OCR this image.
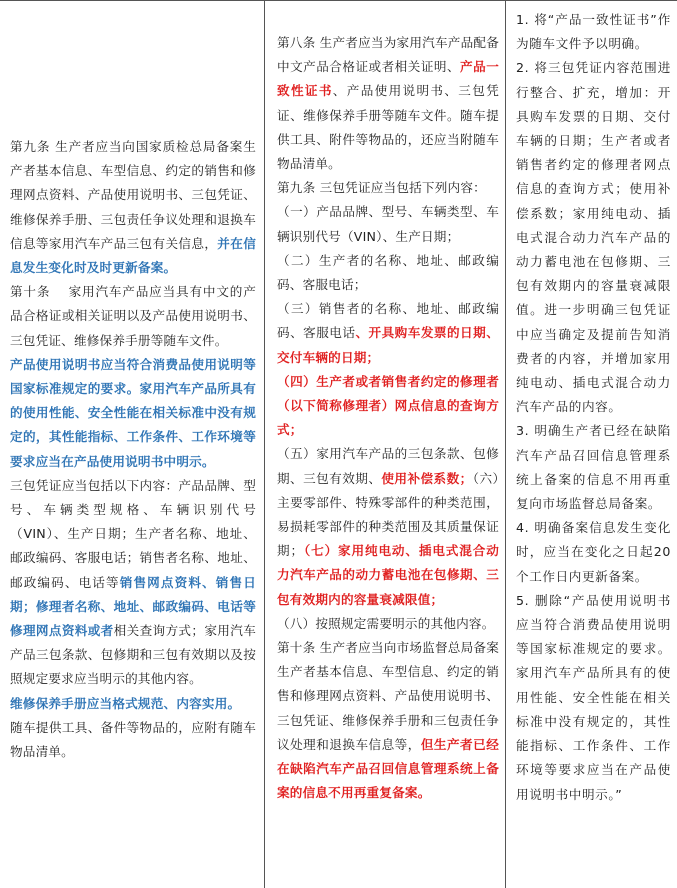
第九条 生产者应当向国家质检总局备案生产者基本信息、车型信息、约定的销售和修理网点资料、产品使用说明书、三包凭证、维修保养手册、三包责任争议处理和退换车信息等家用汽车产品三包有关信息，并在信息发生变化时及时更新备案。

第十条　 家用汽车产品应当具有中文的产品合格证或相关证明以及产品使用说明书、三包凭证、维修保养手册等随车文件。

产品使用说明书应当符合消费品使用说明等国家标准规定的要求。家用汽车产品所具有的使用性能、安全性能在相关标准中没有规定的，其性能指标、工作条件、工作环境等要求应当在产品使用说明书中明示。

三包凭证应当包括以下内容：产品品牌、型号、车辆类型规格、车辆识别代号（VIN）、生产日期；生产者名称、地址、邮政编码、客服电话；销售者名称、地址、邮政编码、电话等销售网点资料、销售日期；修理者名称、地址、邮政编码、电话等修理网点资料或者相关查询方式；家用汽车产品三包条款、包修期和三包有效期以及按照规定要求应当明示的其他内容。

维修保养手册应当格式规范、内容实用。

随车提供工具、备件等物品的，应附有随车物品清单。

第八条 生产者应当为家用汽车产品配备中文产品合格证或者相关证明、产品一致性证书、产品使用说明书、三包凭证、维修保养手册等随车文件。随车提供工具、附件等物品的，还应当附随车物品清单。

第九条 三包凭证应当包括下列内容：

（一）产品品牌、型号、车辆类型、车辆识别代号（VIN）、生产日期；

（二）生产者的名称、地址、邮政编码、客服电话；

（三）销售者的名称、地址、邮政编码、客服电话、开具购车发票的日期、交付车辆的日期；

（四）生产者或者销售者约定的修理者（以下简称修理者）网点信息的查询方式；

（五）家用汽车产品的三包条款、包修期、三包有效期、使用补偿系数；（六）主要零部件、特殊零部件的种类范围，易损耗零部件的种类范围及其质量保证期；（七）家用纯电动、插电式混合动力汽车产品的动力蓄电池在包修期、三包有效期内的容量衰减限值；

（八）按照规定需要明示的其他内容。

第十条 生产者应当向市场监督总局备案生产者基本信息、车型信息、约定的销售和修理网点资料、产品使用说明书、三包凭证、维修保养手册和三包责任争议处理和退换车信息等，但生产者已经在缺陷汽车产品召回信息管理系统上备案的信息不用再重复备案。

1. 将“产品一致性证书”作为随车文件予以明确。

2. 将三包凭证内容范围进行整合、扩充，增加：开具购车发票的日期、交付车辆的日期；生产者或者销售者约定的修理者网点信息的查询方式；使用补偿系数；家用纯电动、插电式混合动力汽车产品的动力蓄电池在包修期、三包有效期内的容量衰减限值。进一步明确三包凭证中应当确定及提前告知消费者的内容，并增加家用纯电动、插电式混合动力汽车产品的内容。

3. 明确生产者已经在缺陷汽车产品召回信息管理系统上备案的信息不用再重复向市场监督总局备案。

4. 明确备案信息发生变化时，应当在变化之日起20个工作日内更新备案。

5. 删除“产品使用说明书应当符合消费品使用说明等国家标准规定的要求。家用汽车产品所具有的使用性能、安全性能在相关标准中没有规定的，其性能指标、工作条件、工作环境等要求应当在产品使用说明书中明示。”
